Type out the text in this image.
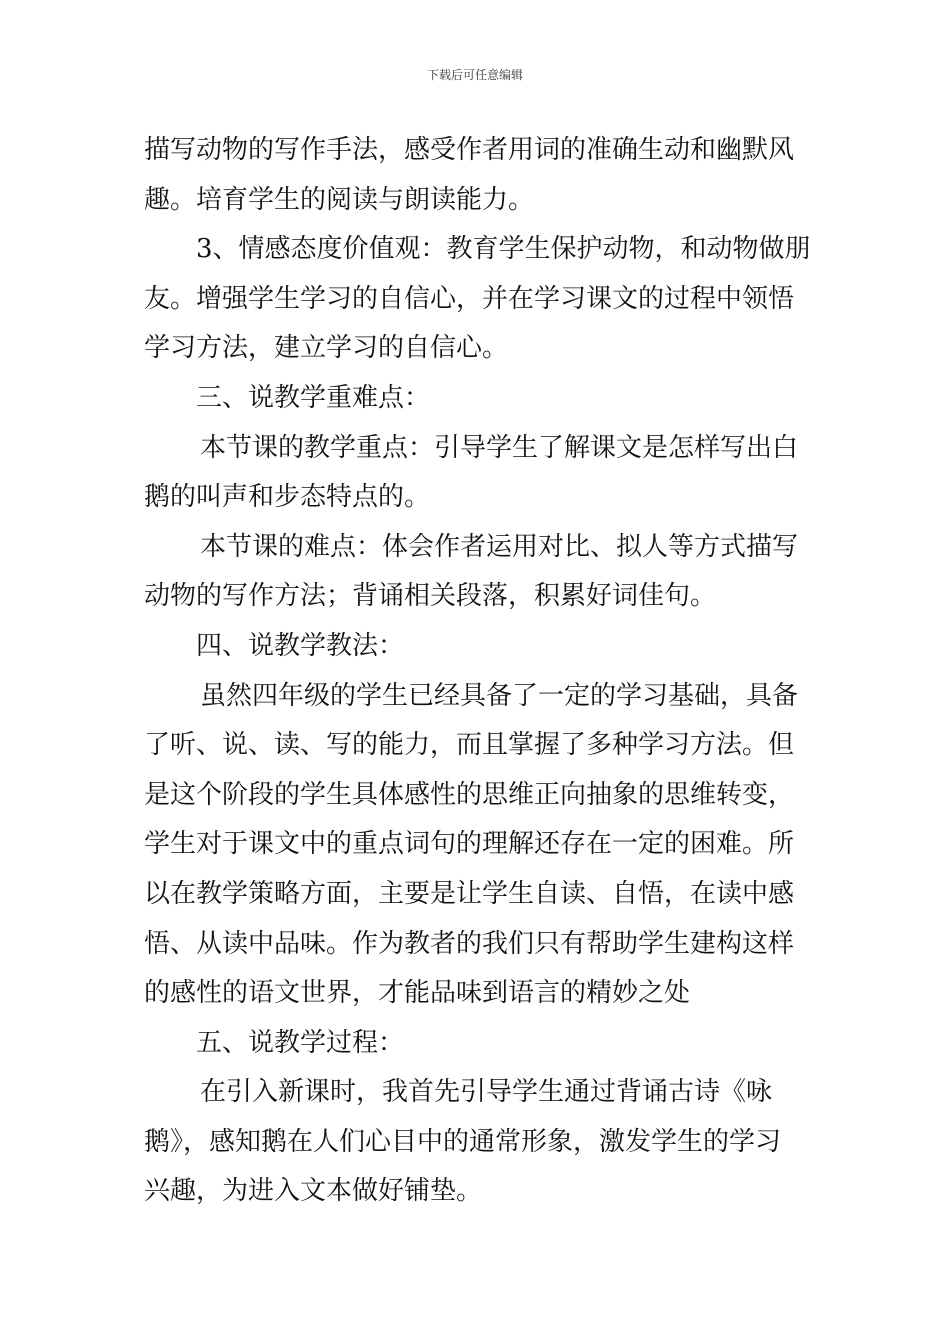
下载后可任意编辑

描写动物的写作手法，感受作者用词的准确生动和幽默风

趣。培育学生的阅读与朗读能力。

3、情感态度价值观：教育学生保护动物，和动物做朋

友。增强学生学习的自信心，并在学习课文的过程中领悟

学习方法，建立学习的自信心。

三、说教学重难点：

本节课的教学重点：引导学生了解课文是怎样写出白

鹅的叫声和步态特点的。

本节课的难点：体会作者运用对比、拟人等方式描写

动物的写作方法；背诵相关段落，积累好词佳句。

四、说教学教法：

虽然四年级的学生已经具备了一定的学习基础，具备

了听、说、读、写的能力，而且掌握了多种学习方法。但

是这个阶段的学生具体感性的思维正向抽象的思维转变，

学生对于课文中的重点词句的理解还存在一定的困难。所

以在教学策略方面，主要是让学生自读、自悟，在读中感

悟、从读中品味。作为教者的我们只有帮助学生建构这样

的感性的语文世界，才能品味到语言的精妙之处

五、说教学过程：

在引入新课时，我首先引导学生通过背诵古诗《咏

鹅》，感知鹅在人们心目中的通常形象，激发学生的学习

兴趣，为进入文本做好铺垫。
